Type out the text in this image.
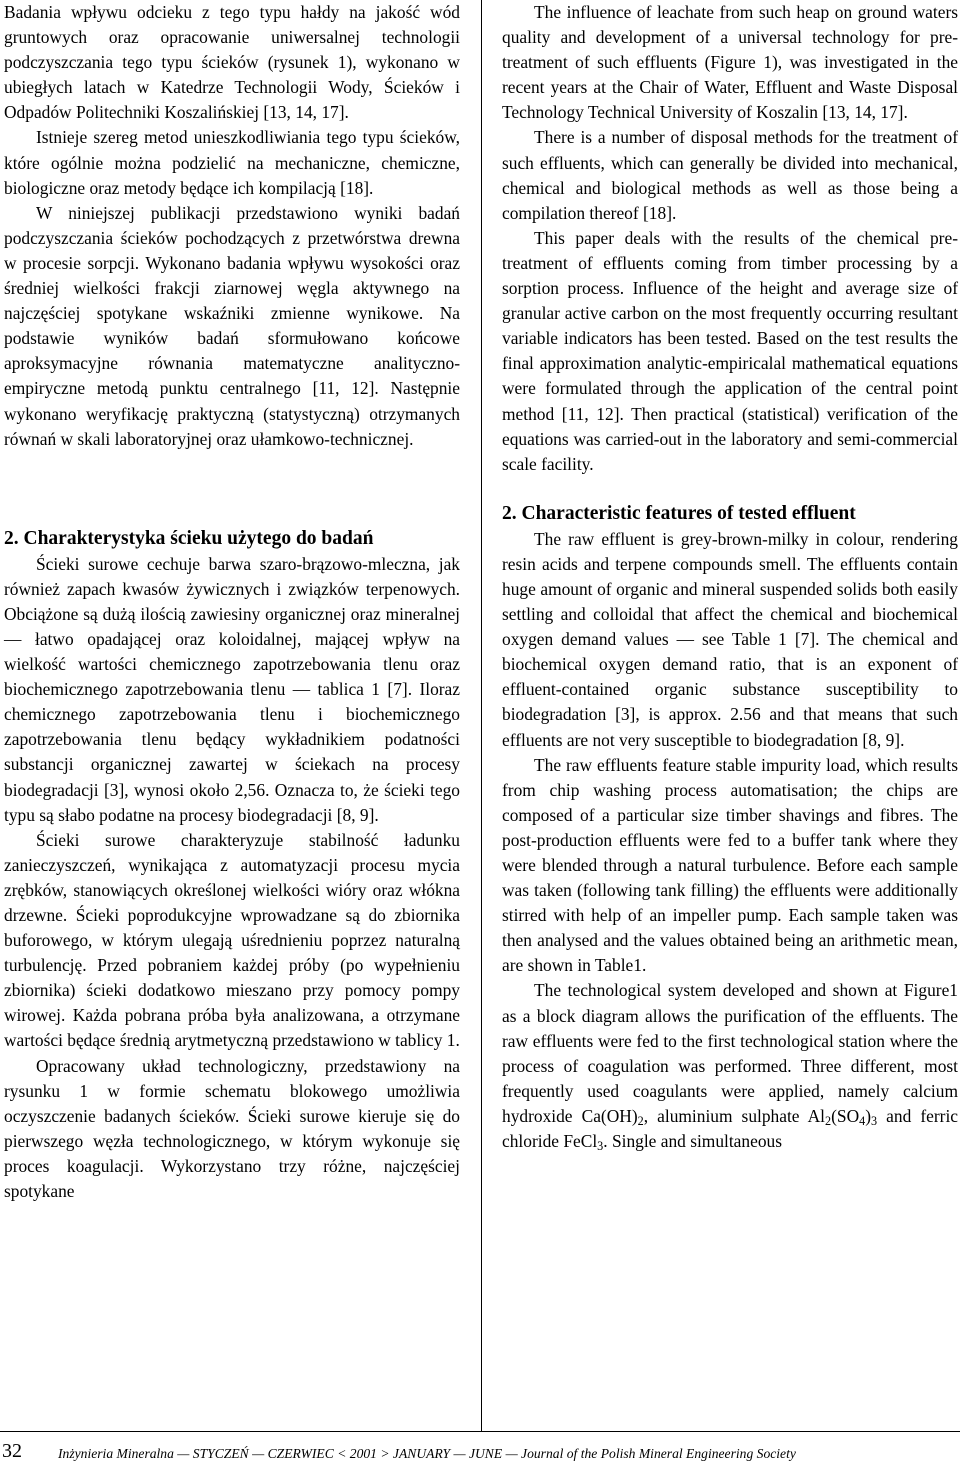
Badania wpływu odcieku z tego typu hałdy na jakość wód gruntowych oraz opracowanie uniwersalnej technologii podczyszczania tego typu ścieków (rysunek 1), wykonano w ubiegłych latach w Katedrze Technologii Wody, Ścieków i Odpadów Politechniki Koszalińskiej [13, 14, 17].

Istnieje szereg metod unieszkodliwiania tego typu ścieków, które ogólnie można podzielić na mechaniczne, chemiczne, biologiczne oraz metody będące ich kompilacją [18].

W niniejszej publikacji przedstawiono wyniki badań podczyszczania ścieków pochodzących z przetwórstwa drewna w procesie sorpcji. Wykonano badania wpływu wysokości oraz średniej wielkości frakcji ziarnowej węgla aktywnego na najczęściej spotykane wskaźniki zmienne wynikowe. Na podstawie wyników badań sformułowano końcowe aproksymacyjne równania matematyczne analityczno-empiryczne metodą punktu centralnego [11, 12]. Następnie wykonano weryfikację praktyczną (statystyczną) otrzymanych równań w skali laboratoryjnej oraz ułamkowo-technicznej.

2. Charakterystyka ścieku użytego do badań

Ścieki surowe cechuje barwa szaro-brązowo-mleczna, jak również zapach kwasów żywicznych i związków terpenowych. Obciążone są dużą ilością zawiesiny organicznej oraz mineralnej — łatwo opadającej oraz koloidalnej, mającej wpływ na wielkość wartości chemicznego zapotrzebowania tlenu oraz biochemicznego zapotrzebowania tlenu — tablica 1 [7]. Iloraz chemicznego zapotrzebowania tlenu i biochemicznego zapotrzebowania tlenu będący wykładnikiem podatności substancji organicznej zawartej w ściekach na procesy biodegradacji [3], wynosi około 2,56. Oznacza to, że ścieki tego typu są słabo podatne na procesy biodegradacji [8, 9].

Ścieki surowe charakteryzuje stabilność ładunku zanieczyszczeń, wynikająca z automatyzacji procesu mycia zrębków, stanowiących określonej wielkości wióry oraz włókna drzewne. Ścieki poprodukcyjne wprowadzane są do zbiornika buforowego, w którym ulegają uśrednieniu poprzez naturalną turbulencję. Przed pobraniem każdej próby (po wypełnieniu zbiornika) ścieki dodatkowo mieszano przy pomocy pompy wirowej. Każda pobrana próba była analizowana, a otrzymane wartości będące średnią arytmetyczną przedstawiono w tablicy 1.

Opracowany układ technologiczny, przedstawiony na rysunku 1 w formie schematu blokowego umożliwia oczyszczenie badanych ścieków. Ścieki surowe kieruje się do pierwszego węzła technologicznego, w którym wykonuje się proces koagulacji. Wykorzystano trzy różne, najczęściej spotykane

The influence of leachate from such heap on ground waters quality and development of a universal technology for pre-treatment of such effluents (Figure 1), was investigated in the recent years at the Chair of Water, Effluent and Waste Disposal Technology Technical University of Koszalin [13, 14, 17].

There is a number of disposal methods for the treatment of such effluents, which can generally be divided into mechanical, chemical and biological methods as well as those being a compilation thereof [18].

This paper deals with the results of the chemical pre-treatment of effluents coming from timber processing by a sorption process. Influence of the height and average size of granular active carbon on the most frequently occurring resultant variable indicators has been tested. Based on the test results the final approximation analytic-empiricalal mathematical equations were formulated through the application of the central point method [11, 12]. Then practical (statistical) verification of the equations was carried-out in the laboratory and semi-commercial scale facility.

2. Characteristic features of tested effluent

The raw effluent is grey-brown-milky in colour, rendering resin acids and terpene compounds smell. The effluents contain huge amount of organic and mineral suspended solids both easily settling and colloidal that affect the chemical and biochemical oxygen demand values — see Table 1 [7]. The chemical and biochemical oxygen demand ratio, that is an exponent of effluent-contained organic substance susceptibility to biodegradation [3], is approx. 2.56 and that means that such effluents are not very susceptible to biodegradation [8, 9].

The raw effluents feature stable impurity load, which results from chip washing process automatisation; the chips are composed of a particular size timber shavings and fibres. The post-production effluents were fed to a buffer tank where they were blended through a natural turbulence. Before each sample was taken (following tank filling) the effluents were additionally stirred with help of an impeller pump. Each sample taken was then analysed and the values obtained being an arithmetic mean, are shown in Table1.

The technological system developed and shown at Figure1 as a block diagram allows the purification of the effluents. The raw effluents were fed to the first technological station where the process of coagulation was performed. Three different, most frequently used coagulants were applied, namely calcium hydroxide $Ca(OH)_2$, aluminium sulphate $Al_2(SO_4)_3$ and ferric chloride FeCl$_3$. Single and simultaneous

32	Inżynieria Mineralna — STYCZEŃ — CZERWIEC < 2001 > JANUARY — JUNE — Journal of the Polish Mineral Engineering Society
